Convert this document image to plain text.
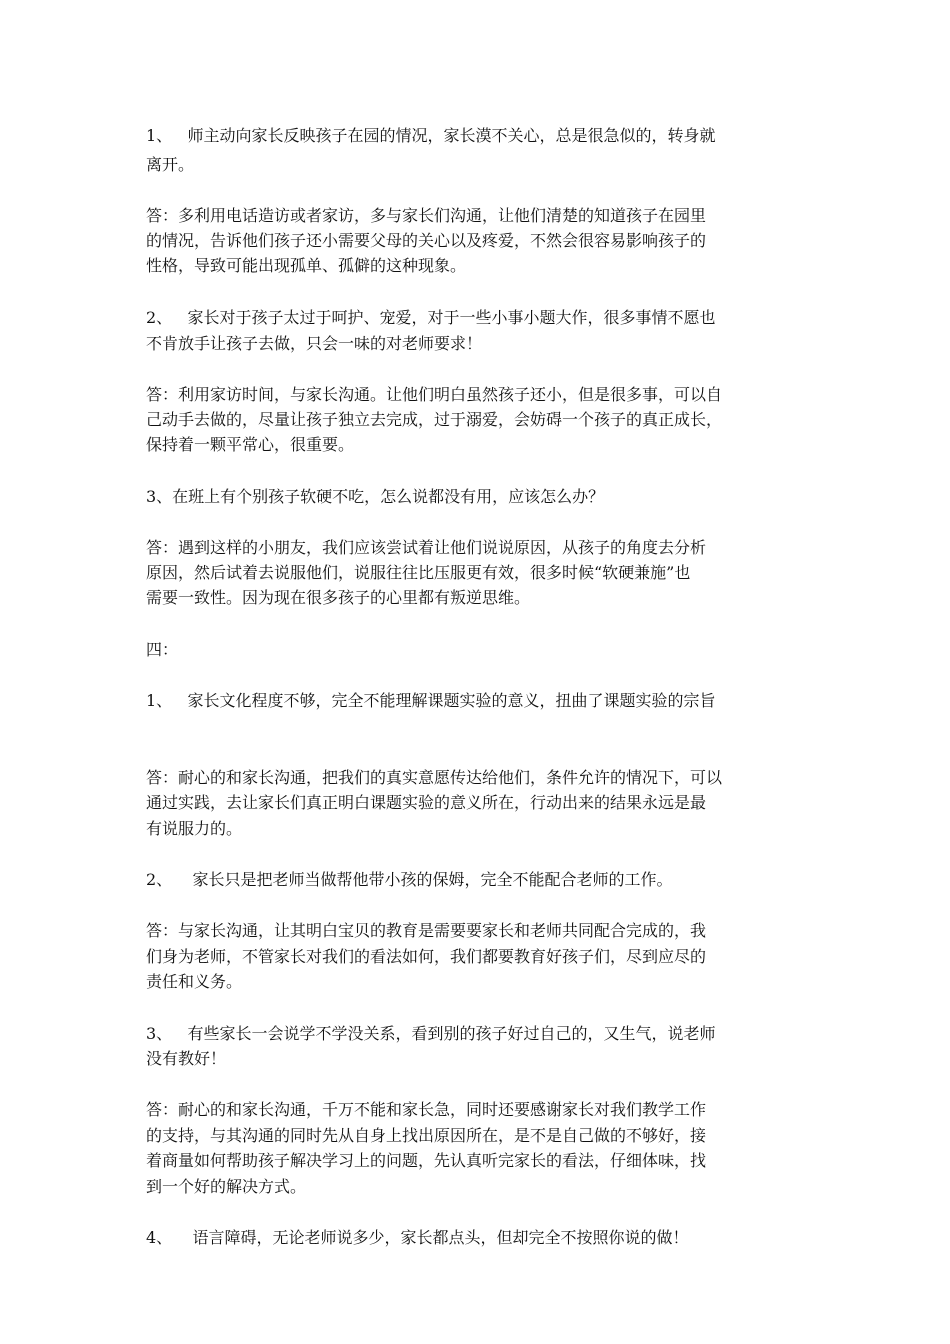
1、   师主动向家长反映孩子在园的情况，家长漠不关心，总是很急似的，转身就

离开。

答：多利用电话造访或者家访，多与家长们沟通，让他们清楚的知道孩子在园里

的情况，告诉他们孩子还小需要父母的关心以及疼爱，不然会很容易影响孩子的

性格，导致可能出现孤单、孤僻的这种现象。

2、   家长对于孩子太过于呵护、宠爱，对于一些小事小题大作，很多事情不愿也

不肯放手让孩子去做，只会一味的对老师要求！

答：利用家访时间，与家长沟通。让他们明白虽然孩子还小，但是很多事，可以自

己动手去做的，尽量让孩子独立去完成，过于溺爱，会妨碍一个孩子的真正成长，

保持着一颗平常心，很重要。

3、在班上有个别孩子软硬不吃，怎么说都没有用，应该怎么办？

答：遇到这样的小朋友，我们应该尝试着让他们说说原因，从孩子的角度去分析

原因，然后试着去说服他们，说服往往比压服更有效，很多时候“软硬兼施”也

需要一致性。因为现在很多孩子的心里都有叛逆思维。

四：

1、   家长文化程度不够，完全不能理解课题实验的意义，扭曲了课题实验的宗旨

答：耐心的和家长沟通，把我们的真实意愿传达给他们，条件允许的情况下，可以

通过实践，去让家长们真正明白课题实验的意义所在，行动出来的结果永远是最

有说服力的。

2、    家长只是把老师当做帮他带小孩的保姆，完全不能配合老师的工作。

答：与家长沟通，让其明白宝贝的教育是需要要家长和老师共同配合完成的，我

们身为老师，不管家长对我们的看法如何，我们都要教育好孩子们，尽到应尽的

责任和义务。

3、   有些家长一会说学不学没关系，看到别的孩子好过自己的，又生气，说老师

没有教好！

答：耐心的和家长沟通，千万不能和家长急，同时还要感谢家长对我们教学工作

的支持，与其沟通的同时先从自身上找出原因所在，是不是自己做的不够好，接

着商量如何帮助孩子解决学习上的问题，先认真听完家长的看法，仔细体味，找

到一个好的解决方式。

4、    语言障碍，无论老师说多少，家长都点头，但却完全不按照你说的做！
